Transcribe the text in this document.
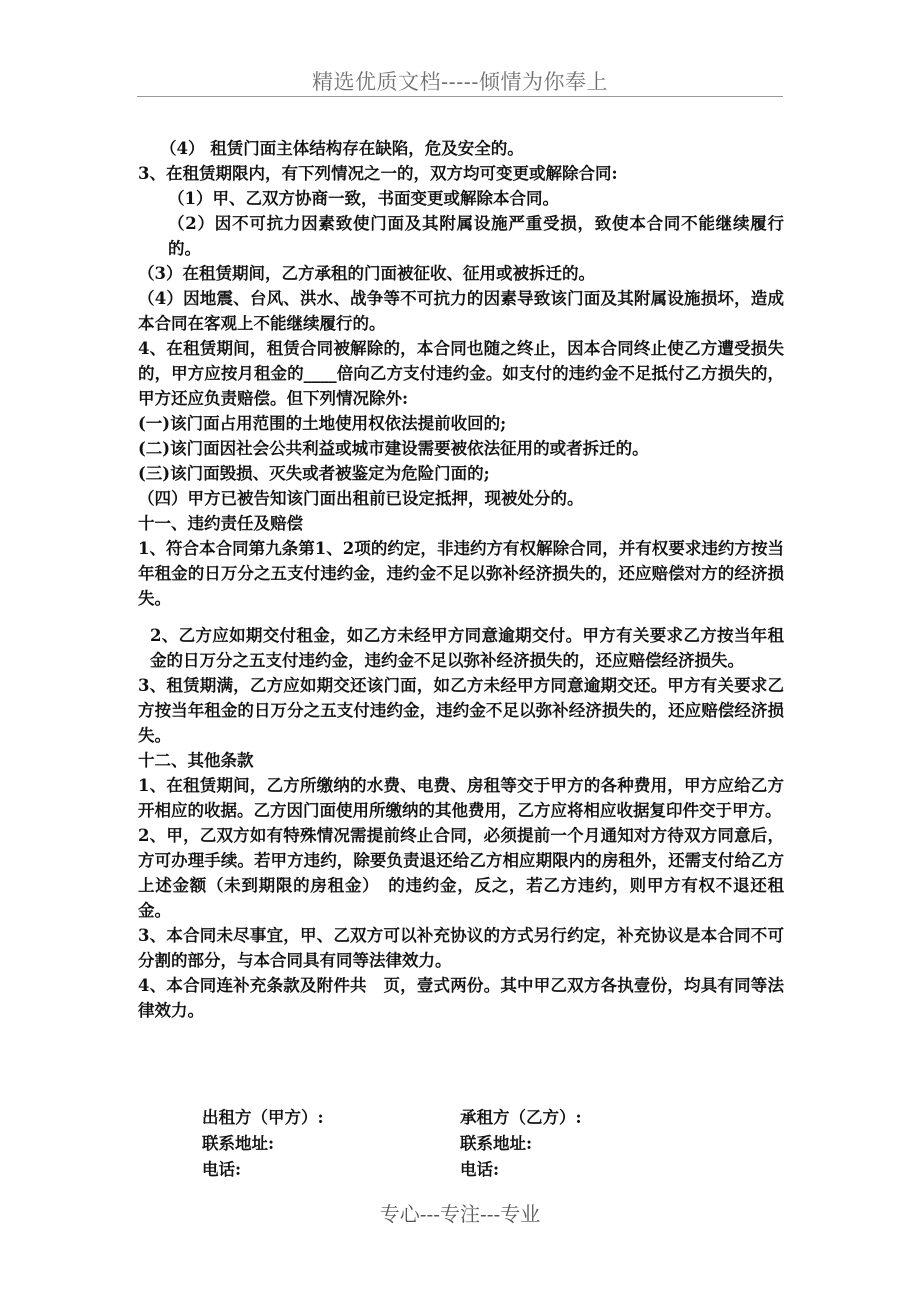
精选优质文档-----倾情为你奉上

（4） 租赁门面主体结构存在缺陷，危及安全的。

3、在租赁期限内，有下列情况之一的，双方均可变更或解除合同:

（1）甲、乙双方协商一致，书面变更或解除本合同。

（2）因不可抗力因素致使门面及其附属设施严重受损，致使本合同不能继续履行的。

（3）在租赁期间，乙方承租的门面被征收、征用或被拆迁的。

（4）因地震、台风、洪水、战争等不可抗力的因素导致该门面及其附属设施损坏，造成本合同在客观上不能继续履行的。

4、在租赁期间，租赁合同被解除的，本合同也随之终止，因本合同终止使乙方遭受损失的，甲方应按月租金的____倍向乙方支付违约金。如支付的违约金不足抵付乙方损失的，甲方还应负责赔偿。但下列情况除外:

(一)该门面占用范围的土地使用权依法提前收回的;

(二)该门面因社会公共利益或城市建设需要被依法征用的或者拆迁的。

(三)该门面毁损、灭失或者被鉴定为危险门面的;

（四）甲方已被告知该门面出租前已设定抵押，现被处分的。

十一、违约责任及赔偿

1、符合本合同第九条第1、2项的约定，非违约方有权解除合同，并有权要求违约方按当年租金的日万分之五支付违约金，违约金不足以弥补经济损失的，还应赔偿对方的经济损失。

2、乙方应如期交付租金，如乙方未经甲方同意逾期交付。甲方有关要求乙方按当年租金的日万分之五支付违约金，违约金不足以弥补经济损失的，还应赔偿经济损失。

3、租赁期满，乙方应如期交还该门面，如乙方未经甲方同意逾期交还。甲方有关要求乙方按当年租金的日万分之五支付违约金，违约金不足以弥补经济损失的，还应赔偿经济损失。

十二、其他条款

1、在租赁期间，乙方所缴纳的水费、电费、房租等交于甲方的各种费用，甲方应给乙方开相应的收据。乙方因门面使用所缴纳的其他费用，乙方应将相应收据复印件交于甲方。

2、甲，乙双方如有特殊情况需提前终止合同，必须提前一个月通知对方待双方同意后，方可办理手续。若甲方违约，除要负责退还给乙方相应期限内的房租外，还需支付给乙方上述金额（未到期限的房租金）　的违约金，反之，若乙方违约，则甲方有权不退还租金。

3、本合同未尽事宜，甲、乙双方可以补充协议的方式另行约定，补充协议是本合同不可分割的部分，与本合同具有同等法律效力。

4、本合同连补充条款及附件共　页，壹式两份。其中甲乙双方各执壹份，均具有同等法律效力。

出租方（甲方）:	承租方（乙方）:
联系地址:	联系地址:
电话:	电话:
专心---专注---专业
